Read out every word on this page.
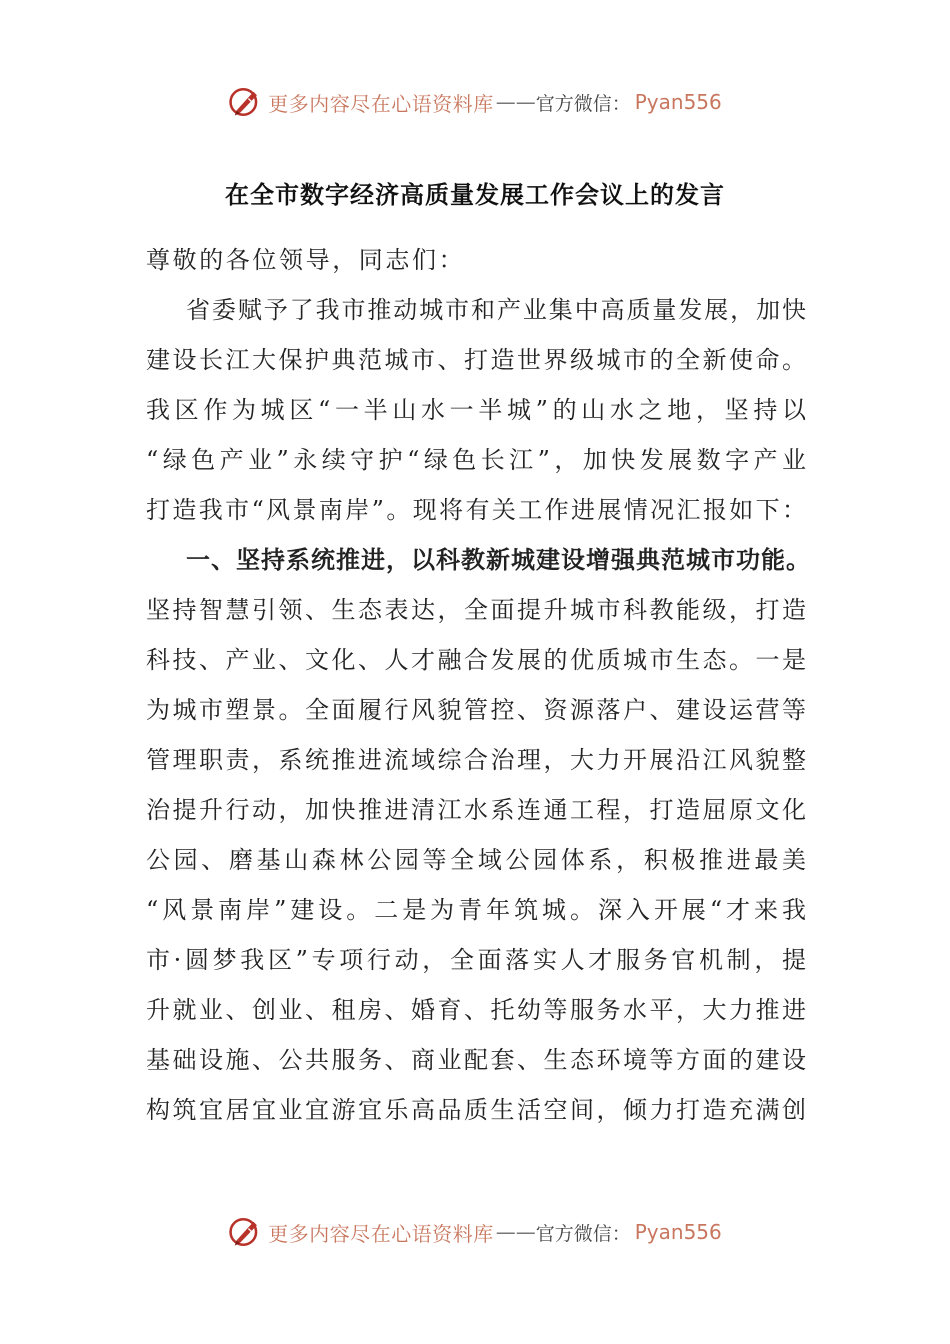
更多内容尽在心语资料库 —— 官方微信： Pyan556
在全市数字经济高质量发展工作会议上的发言
尊敬的各位领导，同志们：
省委赋予了我市推动城市和产业集中高质量发展，加快
建设长江大保护典范城市、打造世界级城市的全新使命。
我区作为城区“一半山水一半城”的山水之地，坚持以
“绿色产业”永续守护“绿色长江”，加快发展数字产业
打造我市“风景南岸”。现将有关工作进展情况汇报如下：
一、坚持系统推进，以科教新城建设增强典范城市功能。
坚持智慧引领、生态表达，全面提升城市科教能级，打造
科技、产业、文化、人才融合发展的优质城市生态。一是
为城市塑景。全面履行风貌管控、资源落户、建设运营等
管理职责，系统推进流域综合治理，大力开展沿江风貌整
治提升行动，加快推进清江水系连通工程，打造屈原文化
公园、磨基山森林公园等全域公园体系，积极推进最美
“风景南岸”建设。二是为青年筑城。深入开展“才来我
市·圆梦我区”专项行动，全面落实人才服务官机制，提
升就业、创业、租房、婚育、托幼等服务水平，大力推进
基础设施、公共服务、商业配套、生态环境等方面的建设
构筑宜居宜业宜游宜乐高品质生活空间，倾力打造充满创
更多内容尽在心语资料库 —— 官方微信： Pyan556
